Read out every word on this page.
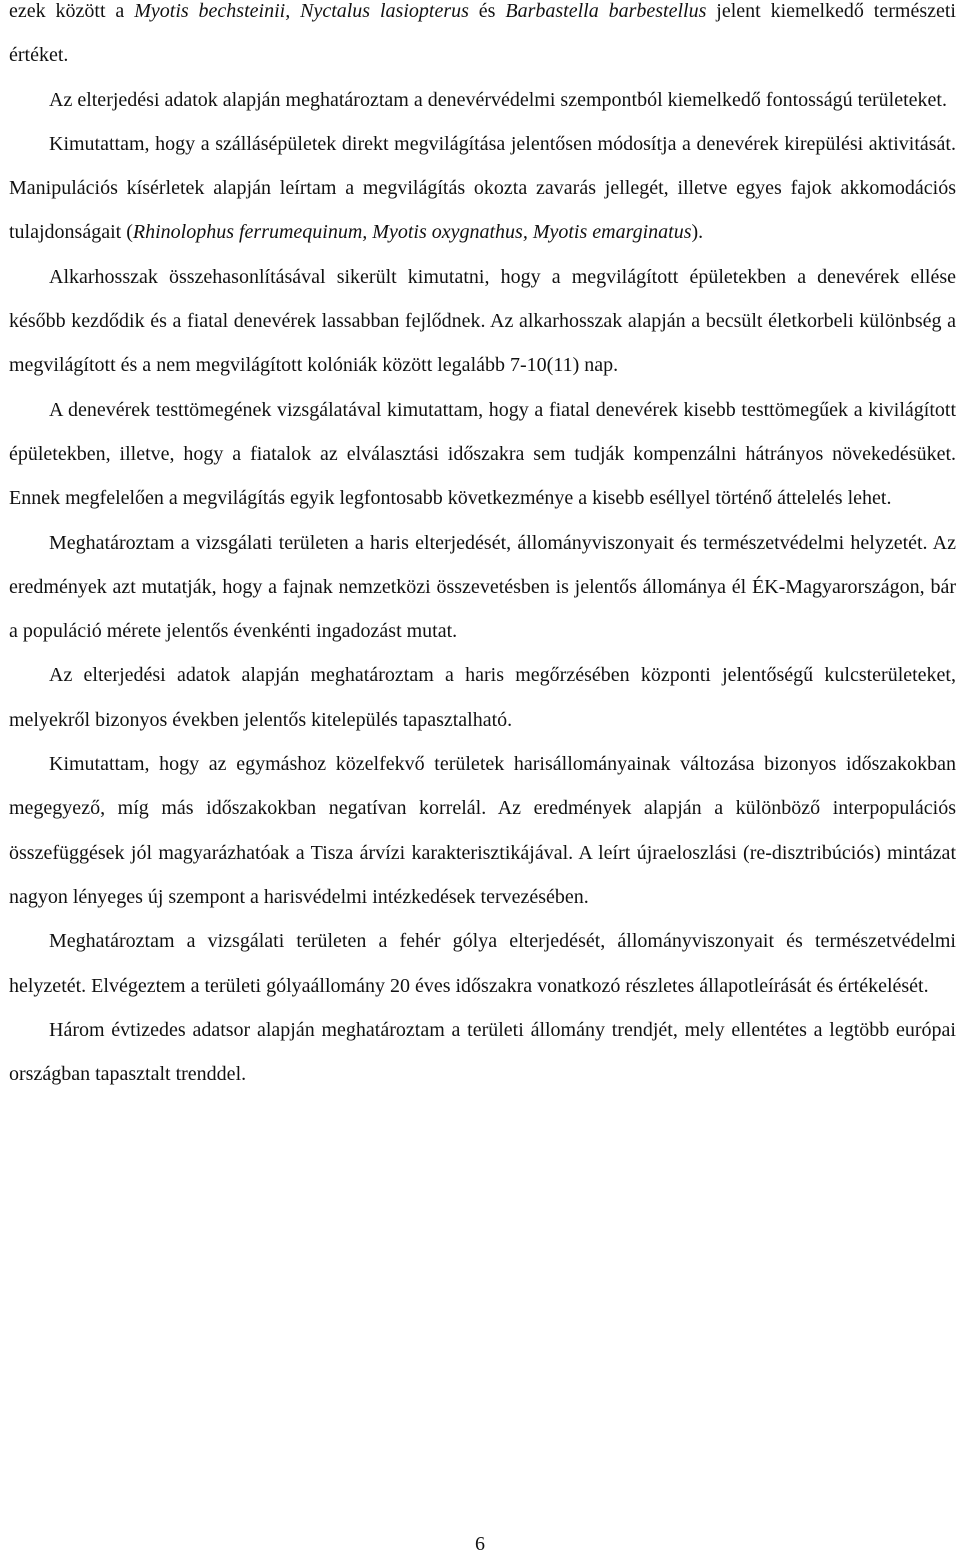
ezek között a Myotis bechsteinii, Nyctalus lasiopterus és Barbastella barbestellus jelent kiemelkedő természeti értéket.

Az elterjedési adatok alapján meghatároztam a denevérvédelmi szempontból kiemelkedő fontosságú területeket.

Kimutattam, hogy a szállásépületek direkt megvilágítása jelentősen módosítja a denevérek kirepülési aktivitását. Manipulációs kísérletek alapján leírtam a megvilágítás okozta zavarás jellegét, illetve egyes fajok akkomodációs tulajdonságait (Rhinolophus ferrumequinum, Myotis oxygnathus, Myotis emarginatus).

Alkarhosszak összehasonlításával sikerült kimutatni, hogy a megvilágított épületekben a denevérek ellése később kezdődik és a fiatal denevérek lassabban fejlődnek. Az alkarhosszak alapján a becsült életkorbeli különbség a megvilágított és a nem megvilágított kolóniák között legalább 7-10(11) nap.

A denevérek testtömegének vizsgálatával kimutattam, hogy a fiatal denevérek kisebb testtömegűek a kivilágított épületekben, illetve, hogy a fiatalok az elválasztási időszakra sem tudják kompenzálni hátrányos növekedésüket. Ennek megfelelően a megvilágítás egyik legfontosabb következménye a kisebb eséllyel történő áttelelés lehet.

Meghatároztam a vizsgálati területen a haris elterjedését, állományviszonyait és természetvédelmi helyzetét. Az eredmények azt mutatják, hogy a fajnak nemzetközi összevetésben is jelentős állománya él ÉK-Magyarországon, bár a populáció mérete jelentős évenkénti ingadozást mutat.

Az elterjedési adatok alapján meghatároztam a haris megőrzésében központi jelentőségű kulcsterületeket, melyekről bizonyos években jelentős kitelepülés tapasztalható.

Kimutattam, hogy az egymáshoz közelfekvő területek harisállományainak változása bizonyos időszakokban megegyező, míg más időszakokban negatívan korrelál. Az eredmények alapján a különböző interpopulációs összefüggések jól magyarázhatóak a Tisza árvízi karakterisztikájával. A leírt újraeloszlási (re-disztribúciós) mintázat nagyon lényeges új szempont a harisvédelmi intézkedések tervezésében.

Meghatároztam a vizsgálati területen a fehér gólya elterjedését, állományviszonyait és természetvédelmi helyzetét. Elvégeztem a területi gólyaállomány 20 éves időszakra vonatkozó részletes állapotleírását és értékelését.

Három évtizedes adatsor alapján meghatároztam a területi állomány trendjét, mely ellentétes a legtöbb európai országban tapasztalt trenddel.

6
